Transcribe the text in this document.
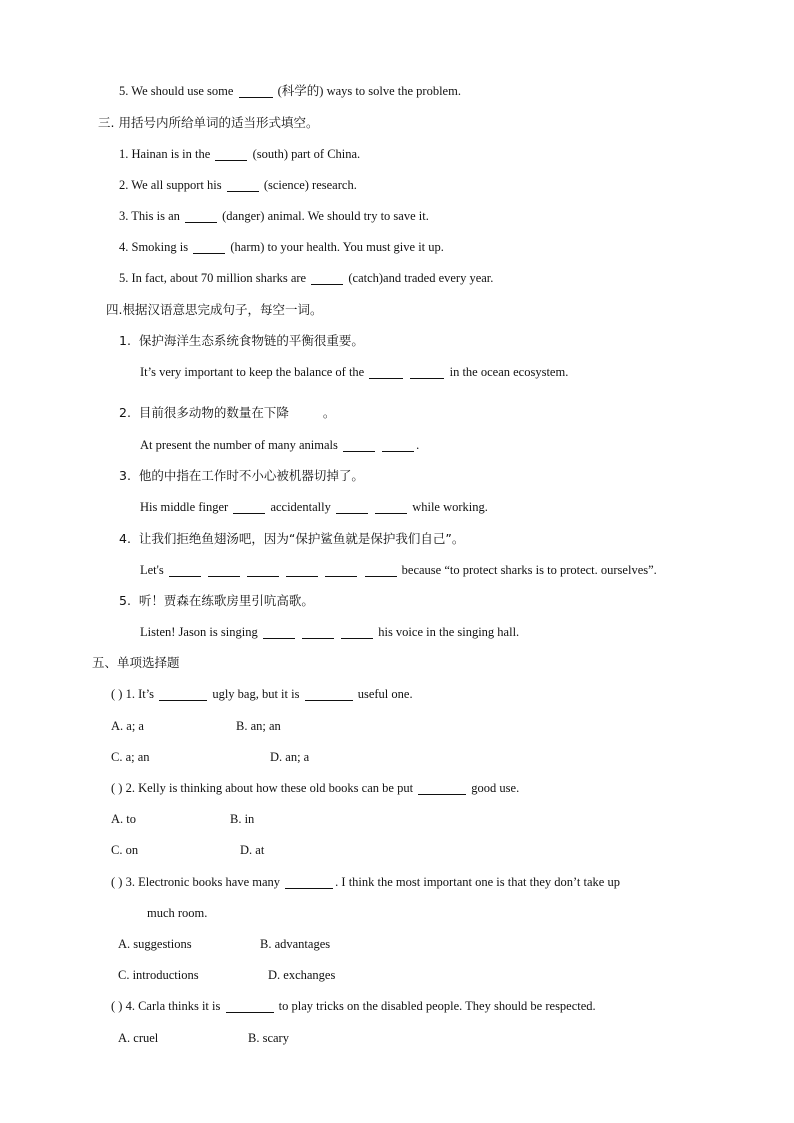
5. We should use some	(科学的) ways to solve the problem.
三. 用括号内所给单词的适当形式填空。
1. Hainan is in the	(south) part of China.
2. We all support his	(science) research.
3. This is an	(danger) animal. We should try to save it.
4. Smoking is	(harm) to your health. You must give it up.
5. In fact, about 70 million sharks are	(catch)and traded every year.
四.根据汉语意思完成句子，每空一词。
1. 保护海洋生态系统食物链的平衡很重要。
It’s very important to keep the balance of the	in the ocean ecosystem.
2. 目前很多动物的数量在下降	。
At present the number of many animals	.
3. 他的中指在工作时不小心被机器切掉了。
His middle finger	accidentally	while working.
4. 让我们拒绝鱼翅汤吧，因为“保护鲨鱼就是保护我们自己”。
Let's	because “to protect sharks is to protect. ourselves”.
5. 听！贾森在练歌房里引吭高歌。
Listen! Jason is singing	his voice in the singing hall.
五、单项选择题
( ) 1. It’s	ugly bag, but it is	useful one.
A. a; a	B. an; an
C. a; an	D. an; a
( ) 2. Kelly is thinking about how these old books can be put	good use.
A. to	B. in
C. on	D. at
( ) 3. Electronic books have many	. I think the most important one is that they don’t take up
much room.
A. suggestions	B. advantages
C. introductions	D. exchanges
( ) 4. Carla thinks it is	to play tricks on the disabled people. They should be respected.
A. cruel	B. scary
